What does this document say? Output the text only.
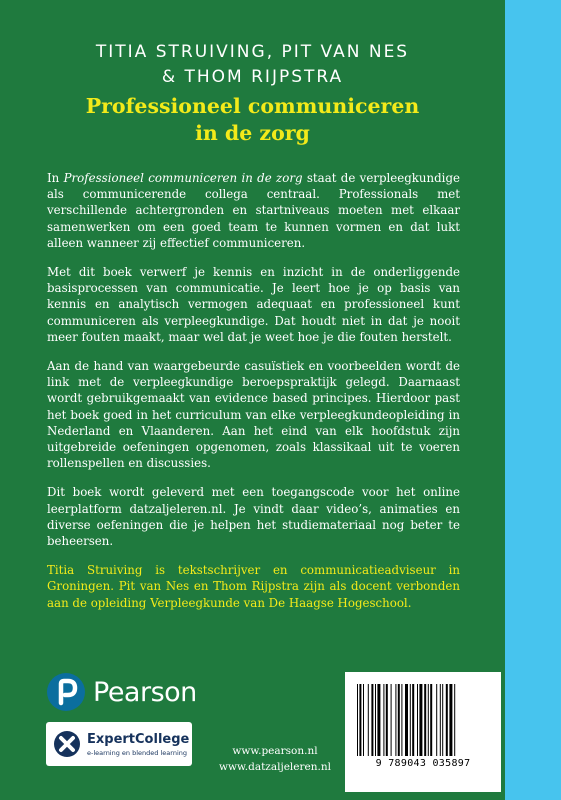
TITIA STRUIVING, PIT VAN NES
& THOM RIJPSTRA
Professioneel communiceren
in de zorg

In Professioneel communiceren in de zorg staat de verpleegkundige als communicerende collega centraal. Professionals met verschillende achtergronden en startniveaus moeten met elkaar samenwerken om een goed team te kunnen vormen en dat lukt alleen wanneer zij effectief communiceren.

Met dit boek verwerf je kennis en inzicht in de onderliggende basisprocessen van communicatie. Je leert hoe je op basis van kennis en analytisch vermogen adequaat en professioneel kunt communiceren als verpleegkundige. Dat houdt niet in dat je nooit meer fouten maakt, maar wel dat je weet hoe je die fouten herstelt.

Aan de hand van waargebeurde casuïstiek en voorbeelden wordt de link met de verpleegkundige beroepspraktijk gelegd. Daarnaast wordt gebruikgemaakt van evidence based principes. Hierdoor past het boek goed in het curriculum van elke verpleegkundeopleiding in Nederland en Vlaanderen. Aan het eind van elk hoofdstuk zijn uitgebreide oefeningen opgenomen, zoals klassikaal uit te voeren rollenspellen en discussies.

Dit boek wordt geleverd met een toegangscode voor het online leerplatform datzaljeleren.nl. Je vindt daar video’s, animaties en diverse oefeningen die je helpen het studiemateriaal nog beter te beheersen.

Titia Struiving is tekstschrijver en communicatieadviseur in Groningen. Pit van Nes en Thom Rijpstra zijn als docent verbonden aan de opleiding Verpleegkunde van De Haagse Hogeschool.

Pearson
ExpertCollege
e-learning en blended learning	www.pearson.nl
www.datzaljeleren.nl	9 789043 035897
